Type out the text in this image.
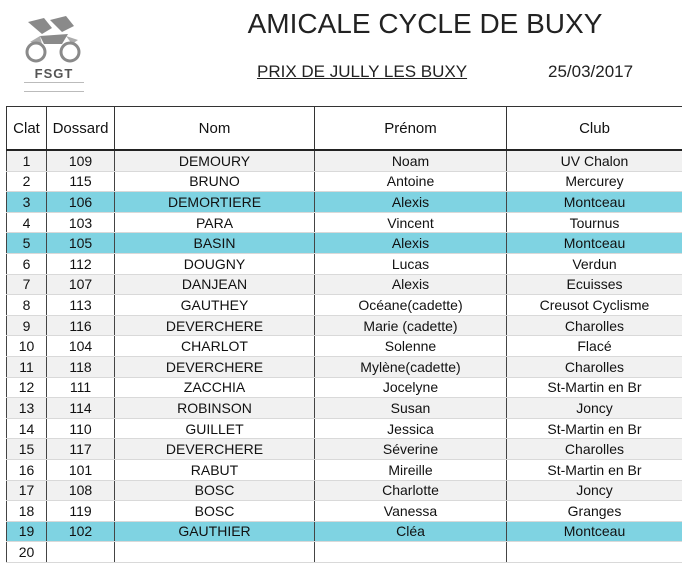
FSGT
AMICALE CYCLE DE BUXY
PRIX DE JULLY LES BUXY	25/03/2017
Clat	Dossard	Nom	Prénom	Club
1	109	DEMOURY	Noam	UV Chalon
2	115	BRUNO	Antoine	Mercurey
3	106	DEMORTIERE	Alexis	Montceau
4	103	PARA	Vincent	Tournus
5	105	BASIN	Alexis	Montceau
6	112	DOUGNY	Lucas	Verdun
7	107	DANJEAN	Alexis	Ecuisses
8	113	GAUTHEY	Océane(cadette)	Creusot Cyclisme
9	116	DEVERCHERE	Marie (cadette)	Charolles
10	104	CHARLOT	Solenne	Flacé
11	118	DEVERCHERE	Mylène(cadette)	Charolles
12	111	ZACCHIA	Jocelyne	St-Martin en Br
13	114	ROBINSON	Susan	Joncy
14	110	GUILLET	Jessica	St-Martin en Br
15	117	DEVERCHERE	Séverine	Charolles
16	101	RABUT	Mireille	St-Martin en Br
17	108	BOSC	Charlotte	Joncy
18	119	BOSC	Vanessa	Granges
19	102	GAUTHIER	Cléa	Montceau
20				
